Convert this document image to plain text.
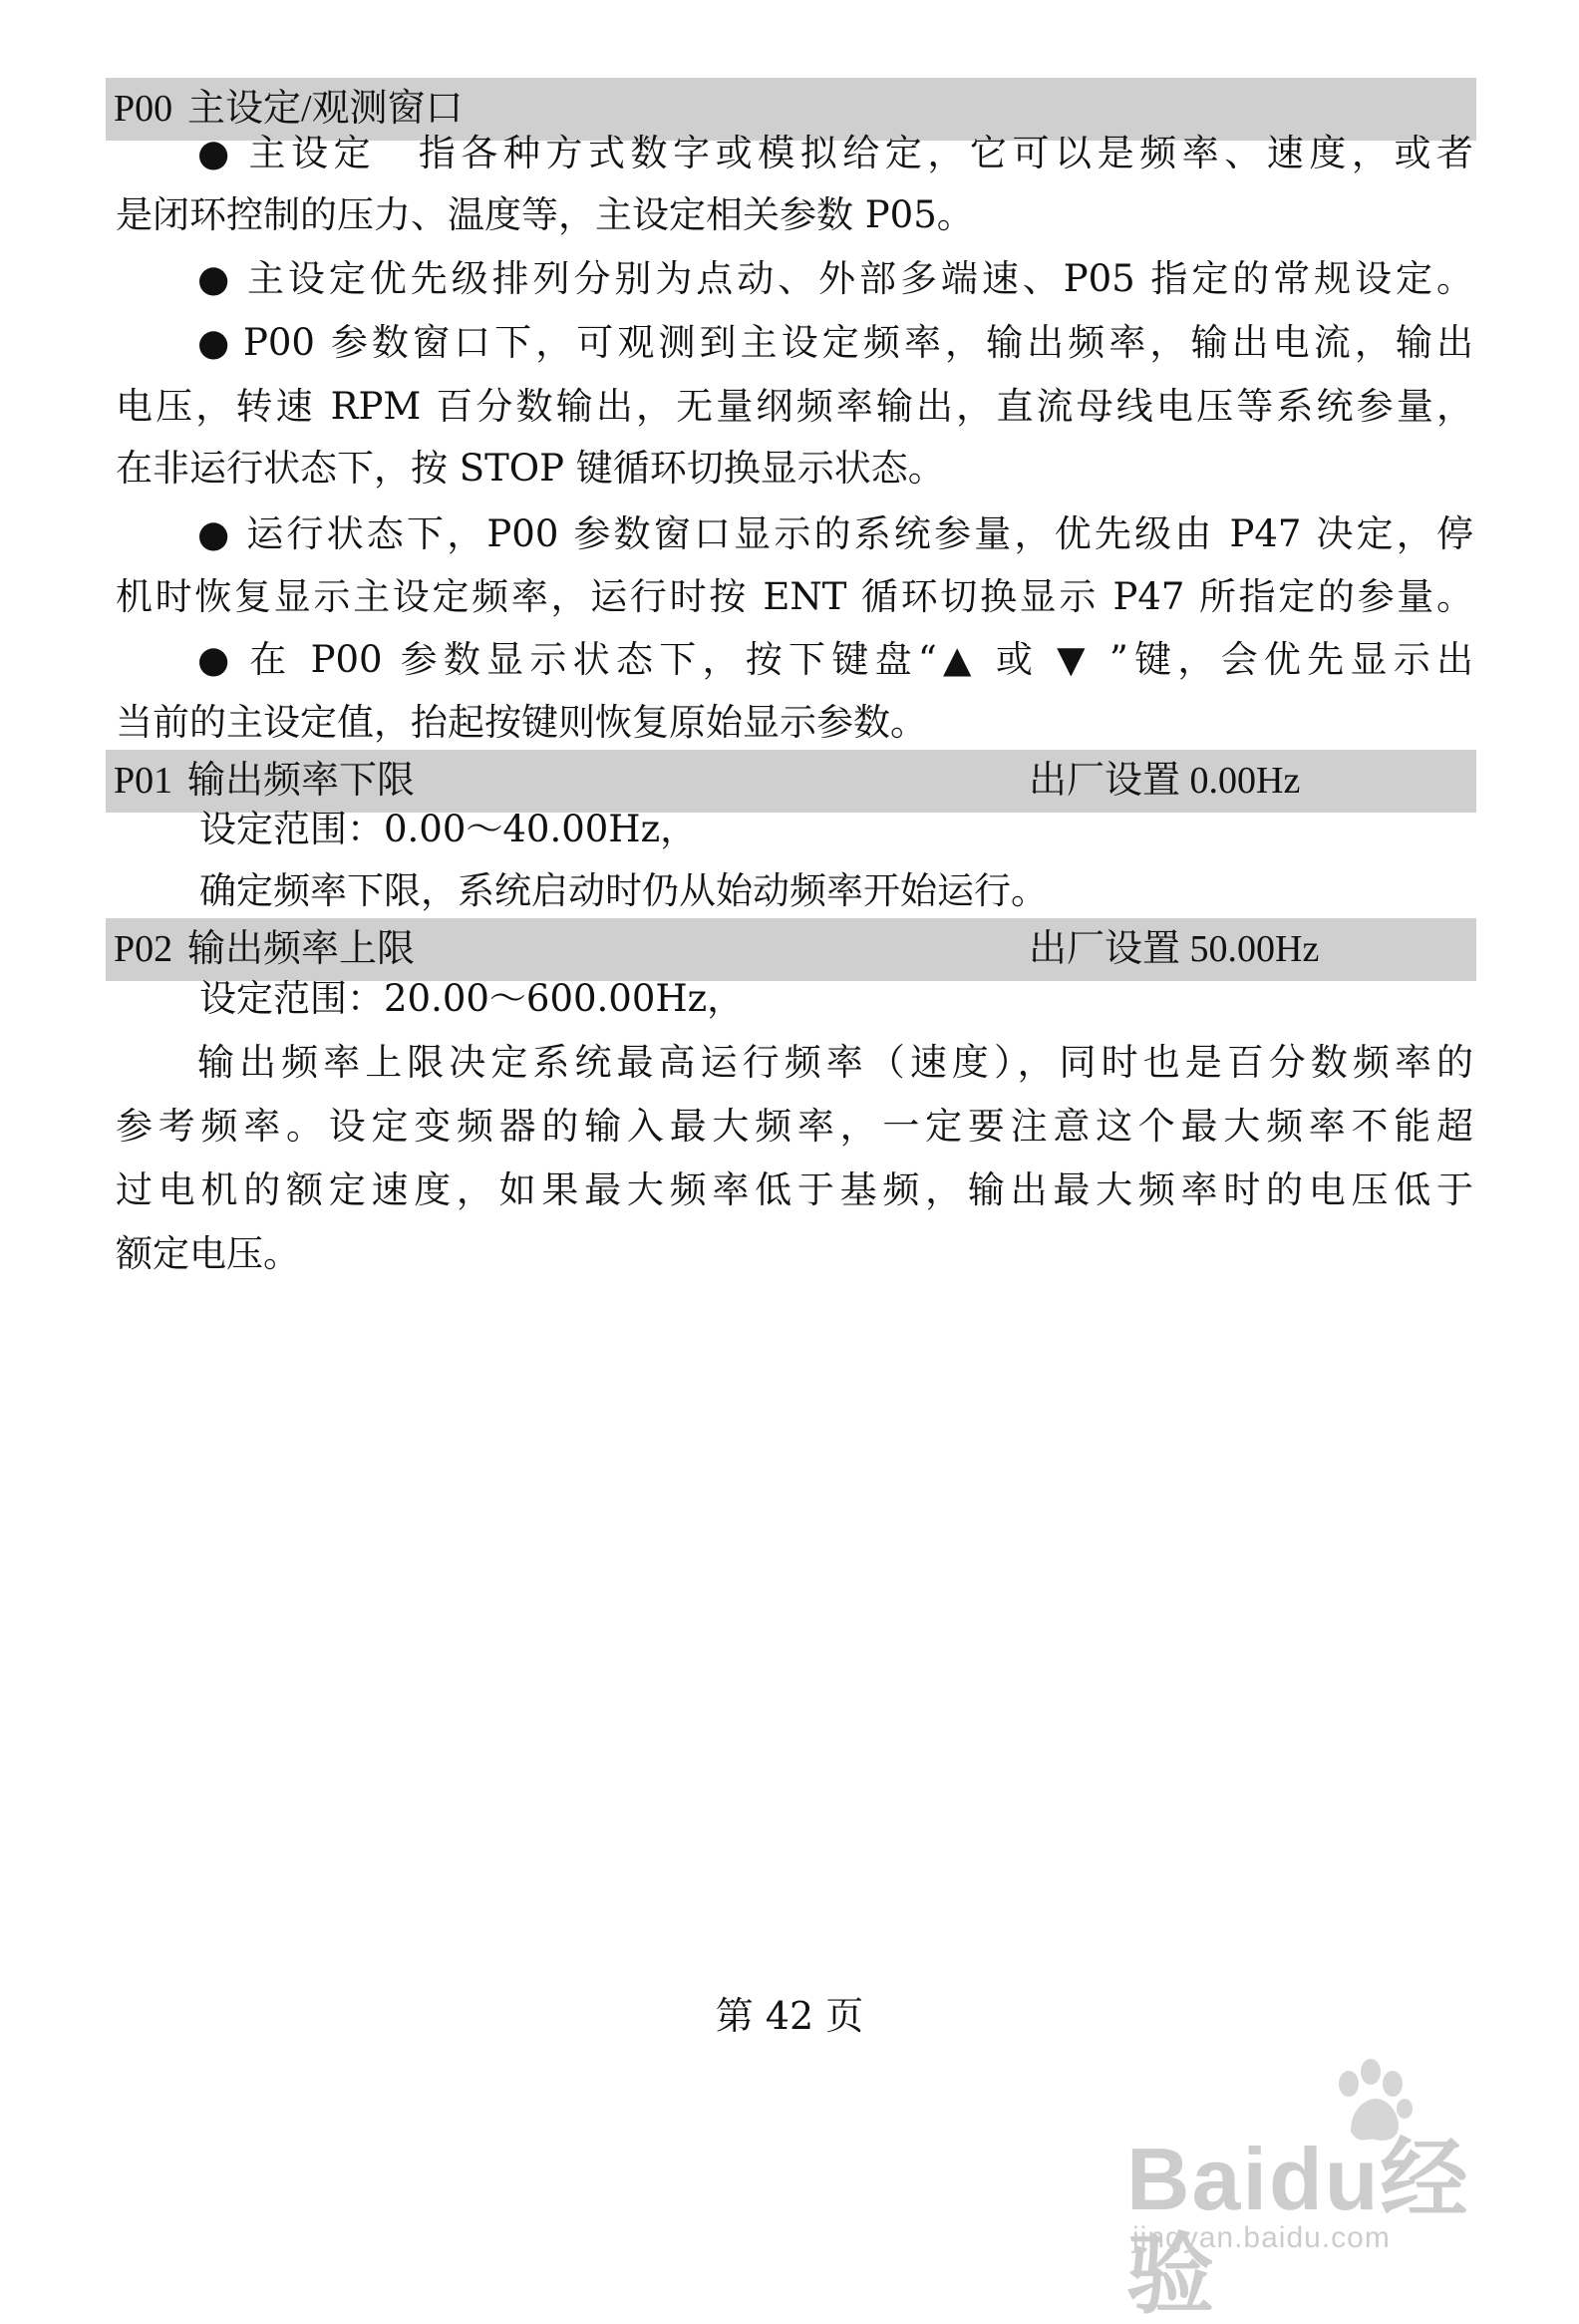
P00 主设定/观测窗口
● 主设定　指各种方式数字或模拟给定，它可以是频率、速度，或者
是闭环控制的压力、温度等，主设定相关参数 P05。
● 主设定优先级排列分别为点动、外部多端速、P05 指定的常规设定。
● P00 参数窗口下，可观测到主设定频率，输出频率，输出电流，输出
电压，转速 RPM 百分数输出，无量纲频率输出，直流母线电压等系统参量，
在非运行状态下，按 STOP 键循环切换显示状态。
● 运行状态下，P00 参数窗口显示的系统参量，优先级由 P47 决定，停
机时恢复显示主设定频率，运行时按 ENT 循环切换显示 P47 所指定的参量。
● 在 P00 参数显示状态下，按下键盘“▲ 或 ▼ ”键，会优先显示出
当前的主设定值，抬起按键则恢复原始显示参数。
P01 输出频率下限	出厂设置 0.00Hz
设定范围：0.00～40.00Hz，
确定频率下限，系统启动时仍从始动频率开始运行。
P02 输出频率上限	出厂设置 50.00Hz
设定范围：20.00～600.00Hz，
输出频率上限决定系统最高运行频率（速度），同时也是百分数频率的
参考频率。设定变频器的输入最大频率，一定要注意这个最大频率不能超
过电机的额定速度，如果最大频率低于基频，输出最大频率时的电压低于
额定电压。
第 42 页
Baidu经验
jingyan.baidu.com
